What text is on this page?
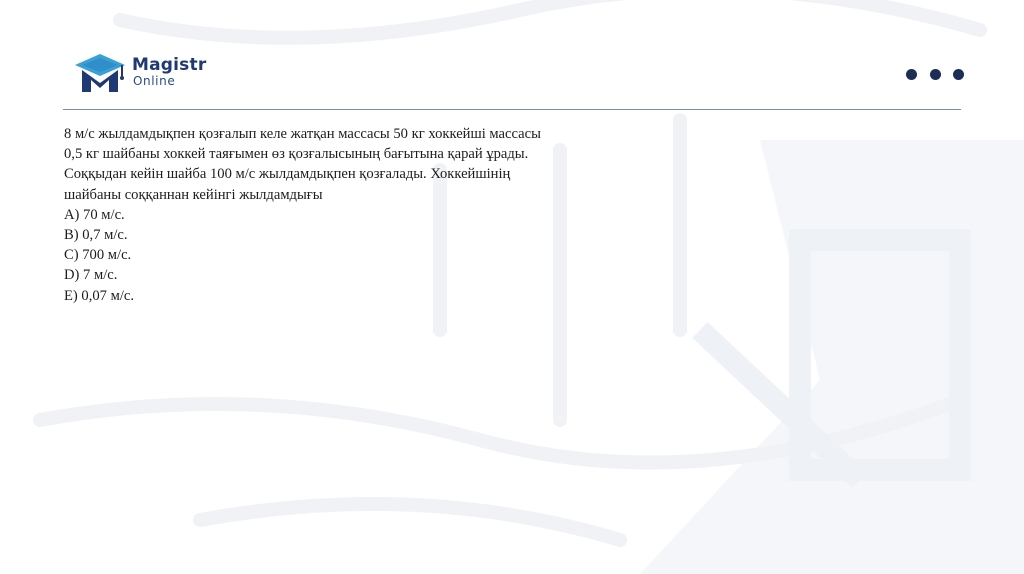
Magistr
Online

8 м/с жылдамдықпен қозғалып келе жатқан массасы 50 кг хоккейші массасы

0,5 кг шайбаны хоккей таяғымен өз қозғалысының бағытына қарай ұрады.

Соққыдан кейін шайба 100 м/с жылдамдықпен қозғалады. Хоккейшінің

шайбаны соққаннан кейінгі жылдамдығы

A) 70 м/с.
B) 0,7 м/с.
C) 700 м/с.
D) 7 м/с.
E) 0,07 м/с.
